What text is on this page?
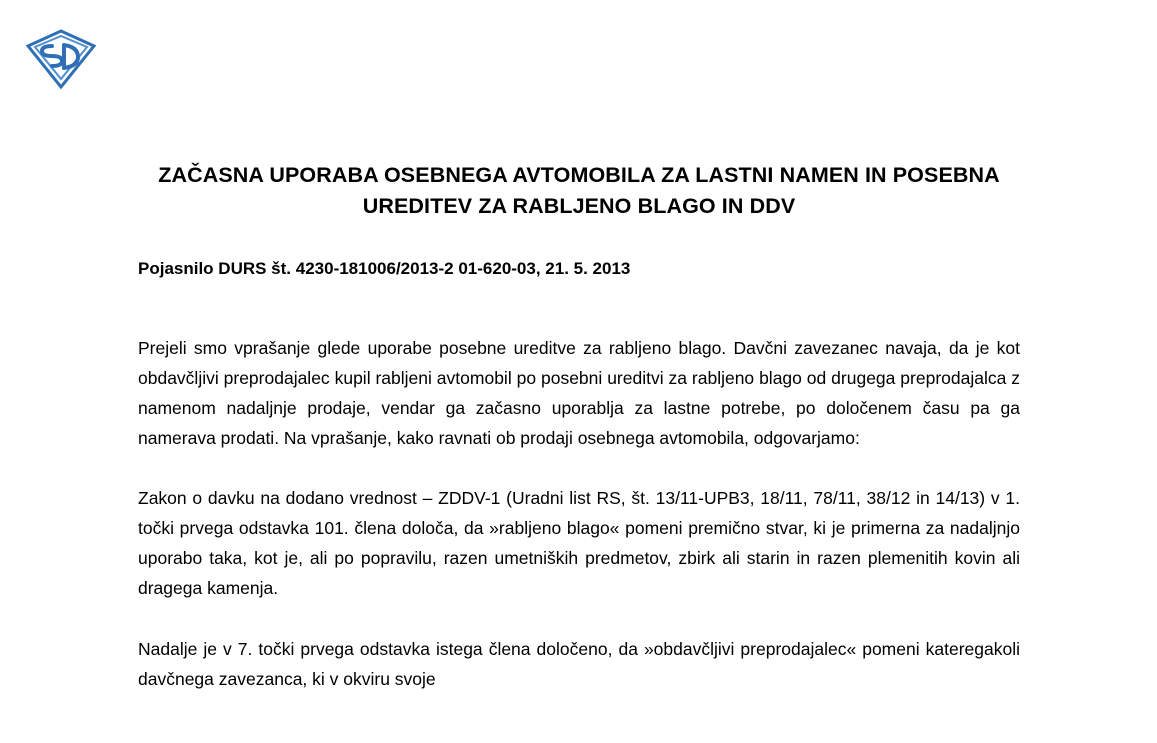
ZAČASNA UPORABA OSEBNEGA AVTOMOBILA ZA LASTNI NAMEN IN POSEBNA UREDITEV ZA RABLJENO BLAGO IN DDV
Pojasnilo DURS št. 4230-181006/2013-2 01-620-03, 21. 5. 2013

Prejeli smo vprašanje glede uporabe posebne ureditve za rabljeno blago. Davčni zavezanec navaja, da je kot obdavčljivi preprodajalec kupil rabljeni avtomobil po posebni ureditvi za rabljeno blago od drugega preprodajalca z namenom nadaljnje prodaje, vendar ga začasno uporablja za lastne potrebe, po določenem času pa ga namerava prodati. Na vprašanje, kako ravnati ob prodaji osebnega avtomobila, odgovarjamo:

Zakon o davku na dodano vrednost – ZDDV-1 (Uradni list RS, št. 13/11-UPB3, 18/11, 78/11, 38/12 in 14/13) v 1. točki prvega odstavka 101. člena določa, da »rabljeno blago« pomeni premično stvar, ki je primerna za nadaljnjo uporabo taka, kot je, ali po popravilu, razen umetniških predmetov, zbirk ali starin in razen plemenitih kovin ali dragega kamenja.

Nadalje je v 7. točki prvega odstavka istega člena določeno, da »obdavčljivi preprodajalec« pomeni kateregakoli davčnega zavezanca, ki v okviru svoje
